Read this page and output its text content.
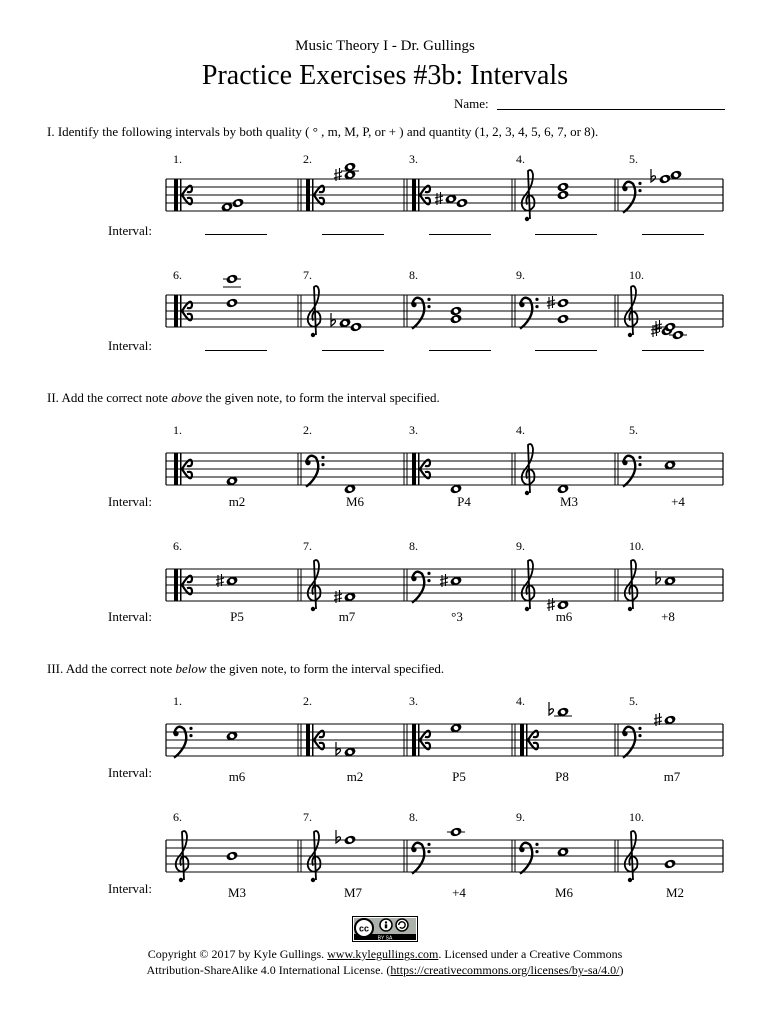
Music Theory I - Dr. Gullings
Practice Exercises #3b: Intervals
Name:
I. Identify the following intervals by both quality ( ° , m, M, P, or + ) and quantity (1, 2, 3, 4, 5, 6, 7, or 8).
1.	2.	3.	4.	5.
Interval:
6.	7.	8.	9.	10.
Interval:
II. Add the correct note above the given note, to form the interval specified.
1.	2.	3.	4.	5.
Interval:	m2	M6	P4	M3	+4
6.	7.	8.	9.	10.
Interval:	P5	m7	°3	m6	+8
III. Add the correct note below the given note, to form the interval specified.
1.	2.	3.	4.	5.
Interval:	m6	m2	P5	P8	m7
6.	7.	8.	9.	10.
Interval:	M3	M7	+4	M6	M2
cc
BY SA
Copyright © 2017 by Kyle Gullings. www.kylegullings.com. Licensed under a Creative Commons
Attribution-ShareAlike 4.0 International License. (https://creativecommons.org/licenses/by-sa/4.0/)
